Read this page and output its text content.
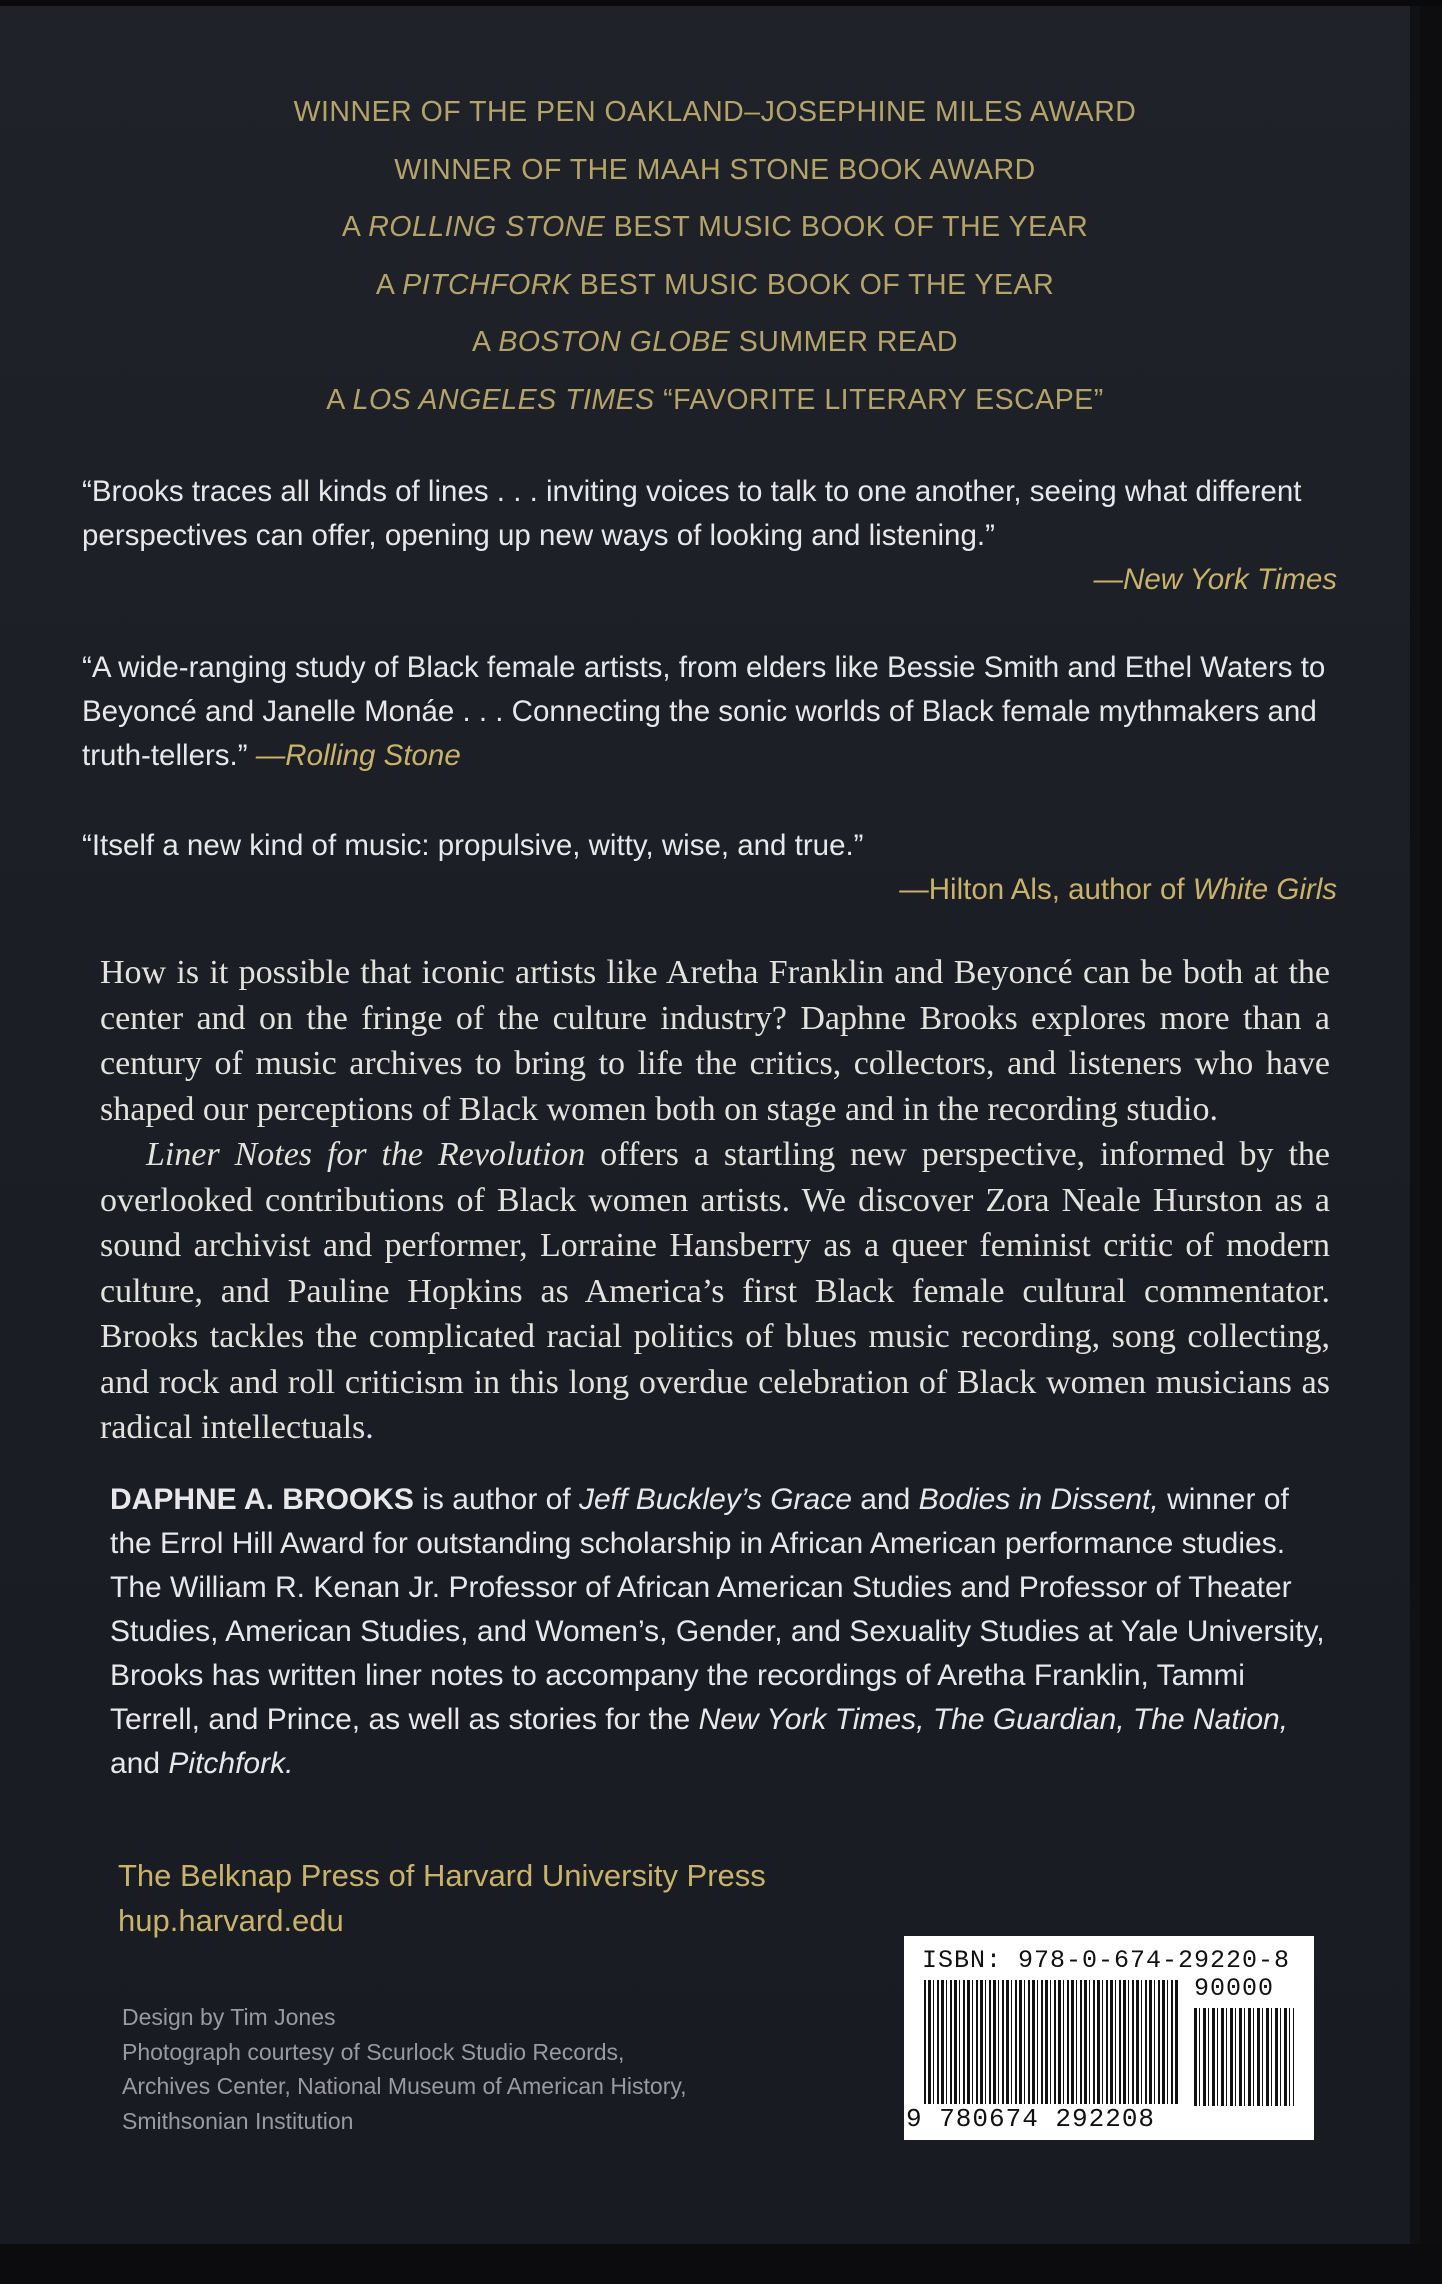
WINNER OF THE PEN OAKLAND–JOSEPHINE MILES AWARD
WINNER OF THE MAAH STONE BOOK AWARD
A ROLLING STONE BEST MUSIC BOOK OF THE YEAR
A PITCHFORK BEST MUSIC BOOK OF THE YEAR
A BOSTON GLOBE SUMMER READ
A LOS ANGELES TIMES “FAVORITE LITERARY ESCAPE”
“Brooks traces all kinds of lines . . . inviting voices to talk to one another, seeing what different perspectives can offer, opening up new ways of looking and listening.”
—New York Times
“A wide-ranging study of Black female artists, from elders like Bessie Smith and Ethel Waters to Beyoncé and Janelle Monáe . . . Connecting the sonic worlds of Black female mythmakers and truth-tellers.” —Rolling Stone
“Itself a new kind of music: propulsive, witty, wise, and true.”
—Hilton Als, author of White Girls

How is it possible that iconic artists like Aretha Franklin and Beyoncé can be both at the center and on the fringe of the culture industry? Daphne Brooks explores more than a century of music archives to bring to life the critics, collectors, and listeners who have shaped our perceptions of Black women both on stage and in the recording studio.

Liner Notes for the Revolution offers a startling new perspective, informed by the overlooked contributions of Black women artists. We discover Zora Neale Hurston as a sound archivist and performer, Lorraine Hansberry as a queer feminist critic of modern culture, and Pauline Hopkins as America’s first Black female cultural commentator. Brooks tackles the complicated racial politics of blues music recording, song collecting, and rock and roll criticism in this long overdue celebration of Black women musicians as radical intellectuals.

DAPHNE A. BROOKS is author of Jeff Buckley’s Grace and Bodies in Dissent, winner of the Errol Hill Award for outstanding scholarship in African American performance studies. The William R. Kenan Jr. Professor of African American Studies and Professor of Theater Studies, American Studies, and Women’s, Gender, and Sexuality Studies at Yale University, Brooks has written liner notes to accompany the recordings of Aretha Franklin, Tammi Terrell, and Prince, as well as stories for the New York Times, The Guardian, The Nation, and Pitchfork.
The Belknap Press of Harvard University Press
hup.harvard.edu
Design by Tim Jones
Photograph courtesy of Scurlock Studio Records,
Archives Center, National Museum of American History,
Smithsonian Institution
ISBN: 978-0-674-29220-8
90000
9 780674 292208
